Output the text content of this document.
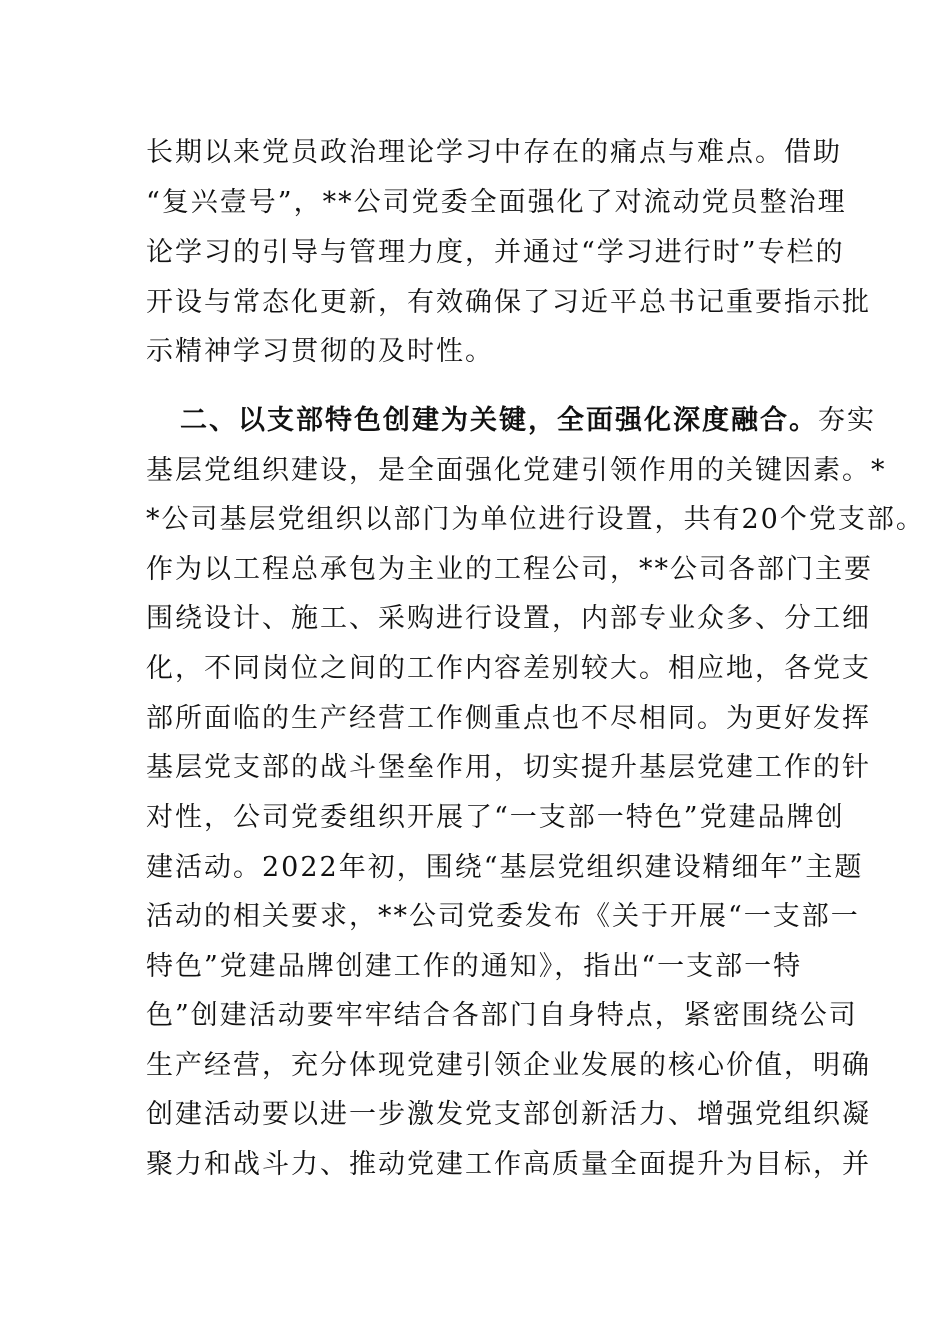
长期以来党员政治理论学习中存在的痛点与难点。借助
“复兴壹号”，**公司党委全面强化了对流动党员整治理
论学习的引导与管理力度，并通过“学习进行时”专栏的
开设与常态化更新，有效确保了习近平总书记重要指示批
示精神学习贯彻的及时性。
二、以支部特色创建为关键，全面强化深度融合。夯实
基层党组织建设，是全面强化党建引领作用的关键因素。*
*公司基层党组织以部门为单位进行设置，共有20个党支部。
作为以工程总承包为主业的工程公司，**公司各部门主要
围绕设计、施工、采购进行设置，内部专业众多、分工细
化，不同岗位之间的工作内容差别较大。相应地，各党支
部所面临的生产经营工作侧重点也不尽相同。为更好发挥
基层党支部的战斗堡垒作用，切实提升基层党建工作的针
对性，公司党委组织开展了“一支部一特色”党建品牌创
建活动。2022年初，围绕“基层党组织建设精细年”主题
活动的相关要求，**公司党委发布《关于开展“一支部一
特色”党建品牌创建工作的通知》，指出“一支部一特
色”创建活动要牢牢结合各部门自身特点，紧密围绕公司
生产经营，充分体现党建引领企业发展的核心价值，明确
创建活动要以进一步激发党支部创新活力、增强党组织凝
聚力和战斗力、推动党建工作高质量全面提升为目标，并
